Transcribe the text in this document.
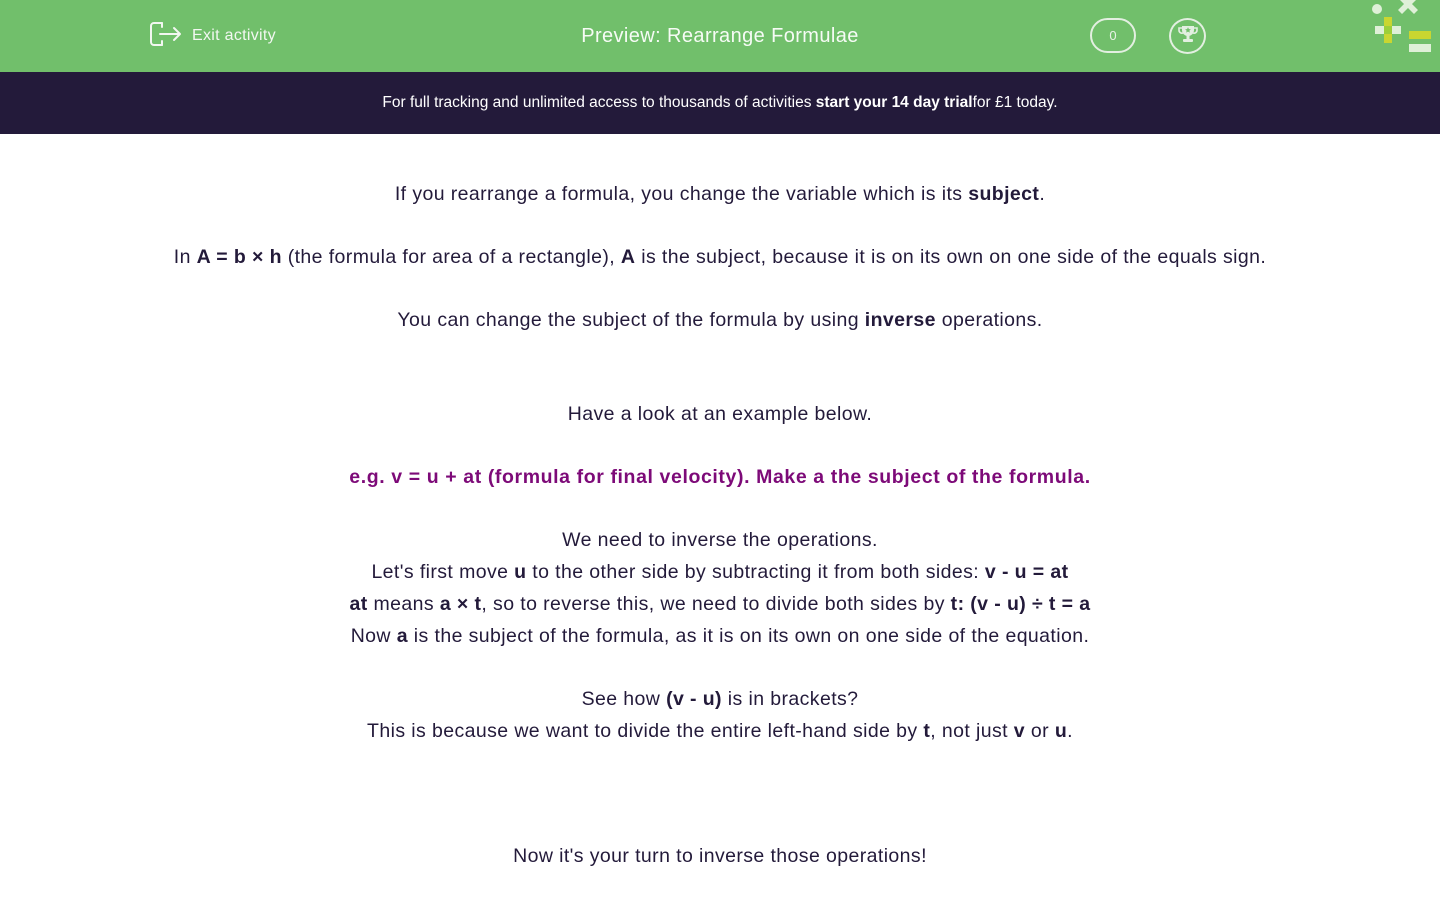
Exit activity	Preview: Rearrange Formulae	0
For full tracking and unlimited access to thousands of activities
start your 14 day trial for £1 today.

If you rearrange a formula, you change the variable which is its subject.

In A = b × h (the formula for area of a rectangle), A is the subject, because it is on its own on one side of the equals sign.

You can change the subject of the formula by using inverse operations.

Have a look at an example below.

e.g. v = u + at (formula for final velocity). Make a the subject of the formula.

We need to inverse the operations.

Let's first move u to the other side by subtracting it from both sides: v - u = at

at means a × t, so to reverse this, we need to divide both sides by t: (v - u) ÷ t = a

Now a is the subject of the formula, as it is on its own on one side of the equation.

See how (v - u) is in brackets?

This is because we want to divide the entire left-hand side by t, not just v or u.

Now it's your turn to inverse those operations!
